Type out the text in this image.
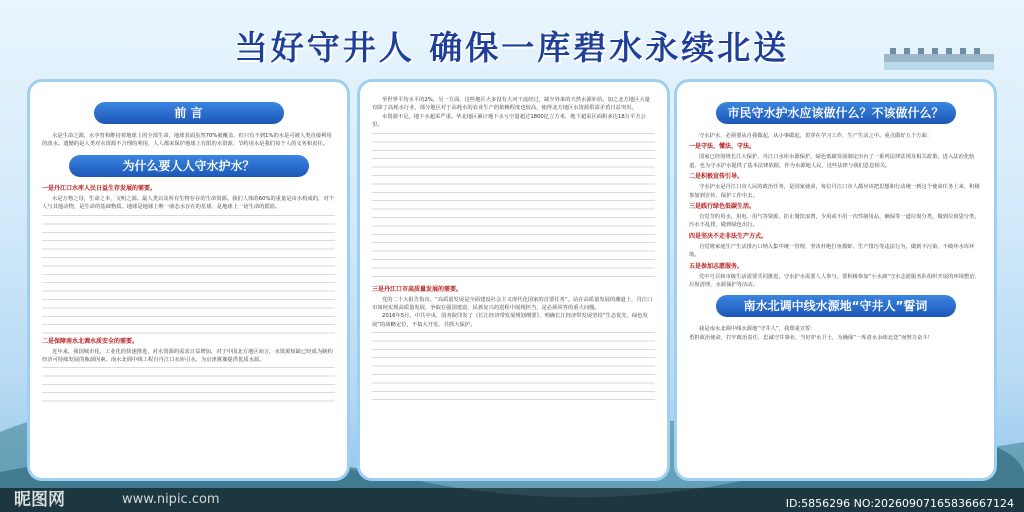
当好守井人 确保一库碧水永续北送
前 言
水是生命之源，水孕育和维持着地球上的全部生命，地球表面虽然70%被覆盖，但只有不到1%的水是可被人类直接利用的淡水。遗憾的是人类对水资源不合理的利用，人人都来保护地球上有限的水资源，节约用水是我们每个人的义务和责任。
为什么要人人守水护水？
一是丹江口水库人民日益生存发展的需要。
水是万物之母，生命之本，文明之源。最人类以及所有生物存存的生命资源。我们人体的60%的重量是由水构成的，对个人与其他动物，是生命的基础物质。地球是地球上唯一液态水存在的星球，是地球上一切生命的摇篮。
二是保障南水北调水质安全的需要。
近年来，我国城市化、工业化的快速推进，对水资源的需求日益增加，对于中国北方地区而言，水资源短缺已经成为制约经济可持续发展的瓶颈因素。南水北调中线工程自丹江口水库引水，为京津冀豫提供优质水源。
至世界平均水平的2%，另一方面，这些地区大多没有大河干流经过，缺少外来的天然水源补给。加之北方地区大量有降了高耗水行业，部分地区对于高耗水的农业生产的依赖程度也较高，使得北方地区水资源供需矛盾日益突出。
水资源不足，地下水超采严重。华北地区累计地下水亏空量超过1800亿立方米，地下超采区面积多达18万平方公里。
三是丹江口市高质量发展的需要。
党的二十大报告指出，“高质量发展是全面建设社会主义现代化国家的首要任务”。站在高质量发展的潮道上，丹江口市如何实现高质量发展，争取在强国建设，民族复兴的进程中展现担当，是必须回答的重大问题。
2016年5月，中共中央、国务院印发了《长江经济带发展规划纲要》，明确长江经济带发展坚持“生态优先、绿色发展”的战略定位，不搞大开发，共抓大保护。
市民守水护水应该做什么？不该做什么？
守水护水，必须要从自我做起，从小事做起，贯穿在学习工作、生产生活之中。重点做好五个方面：
一是守法、懂法、守法。
国家已经围绕长江大保护，丹江口水库水源保护，绿色低碳发展制定出台了一系列法律法规及相关政策，进入法治化轨道，也为守水护水提供了基本法律依据。作为水源地人民，这些法律与我们息息相关。
二是积极宣传引导。
守水护水是丹江口市人民的政治任务，是国家使命，每位丹江口市人都应该把思想和行动统一到这个使命任务上来，积极参加到宣传、保护工作中去。
三是践行绿色低碳生活。
自觉节约用水，用电、用气等资源，拒止餐饮浪费，少用或不用一次性制用品，确保等一道垃圾分类，做到垃圾袋分类，汚水不乱排，做到绿色出行。
四是坚决不走非法生产方式。
自觉将家庭生产生活排污口纳入集中统一管理，坚决杜绝打鱼摸虾、生产排汚等违法行为，做到不污染、不破坏水库环境。
五是参加志愿服务。
党中号召和市级生活需要共同推进，守水护水需要人人参与，要积极参加“小水滴”守水志愿服务队组织开展的环境整治、垃圾清理、水源保护等活动。
南水北调中线水源地“守井人”誓词
我是南水北调中线水源地“守井人”，我郑重宣誓：
勇担政治使命，打牢政治责任，忠诚守井事业，当好护水卫士，为确保“一库清水永续北送”而努力奋斗！
昵图网	www.nipic.com	ID:5856296 NO:20260907165836667124
